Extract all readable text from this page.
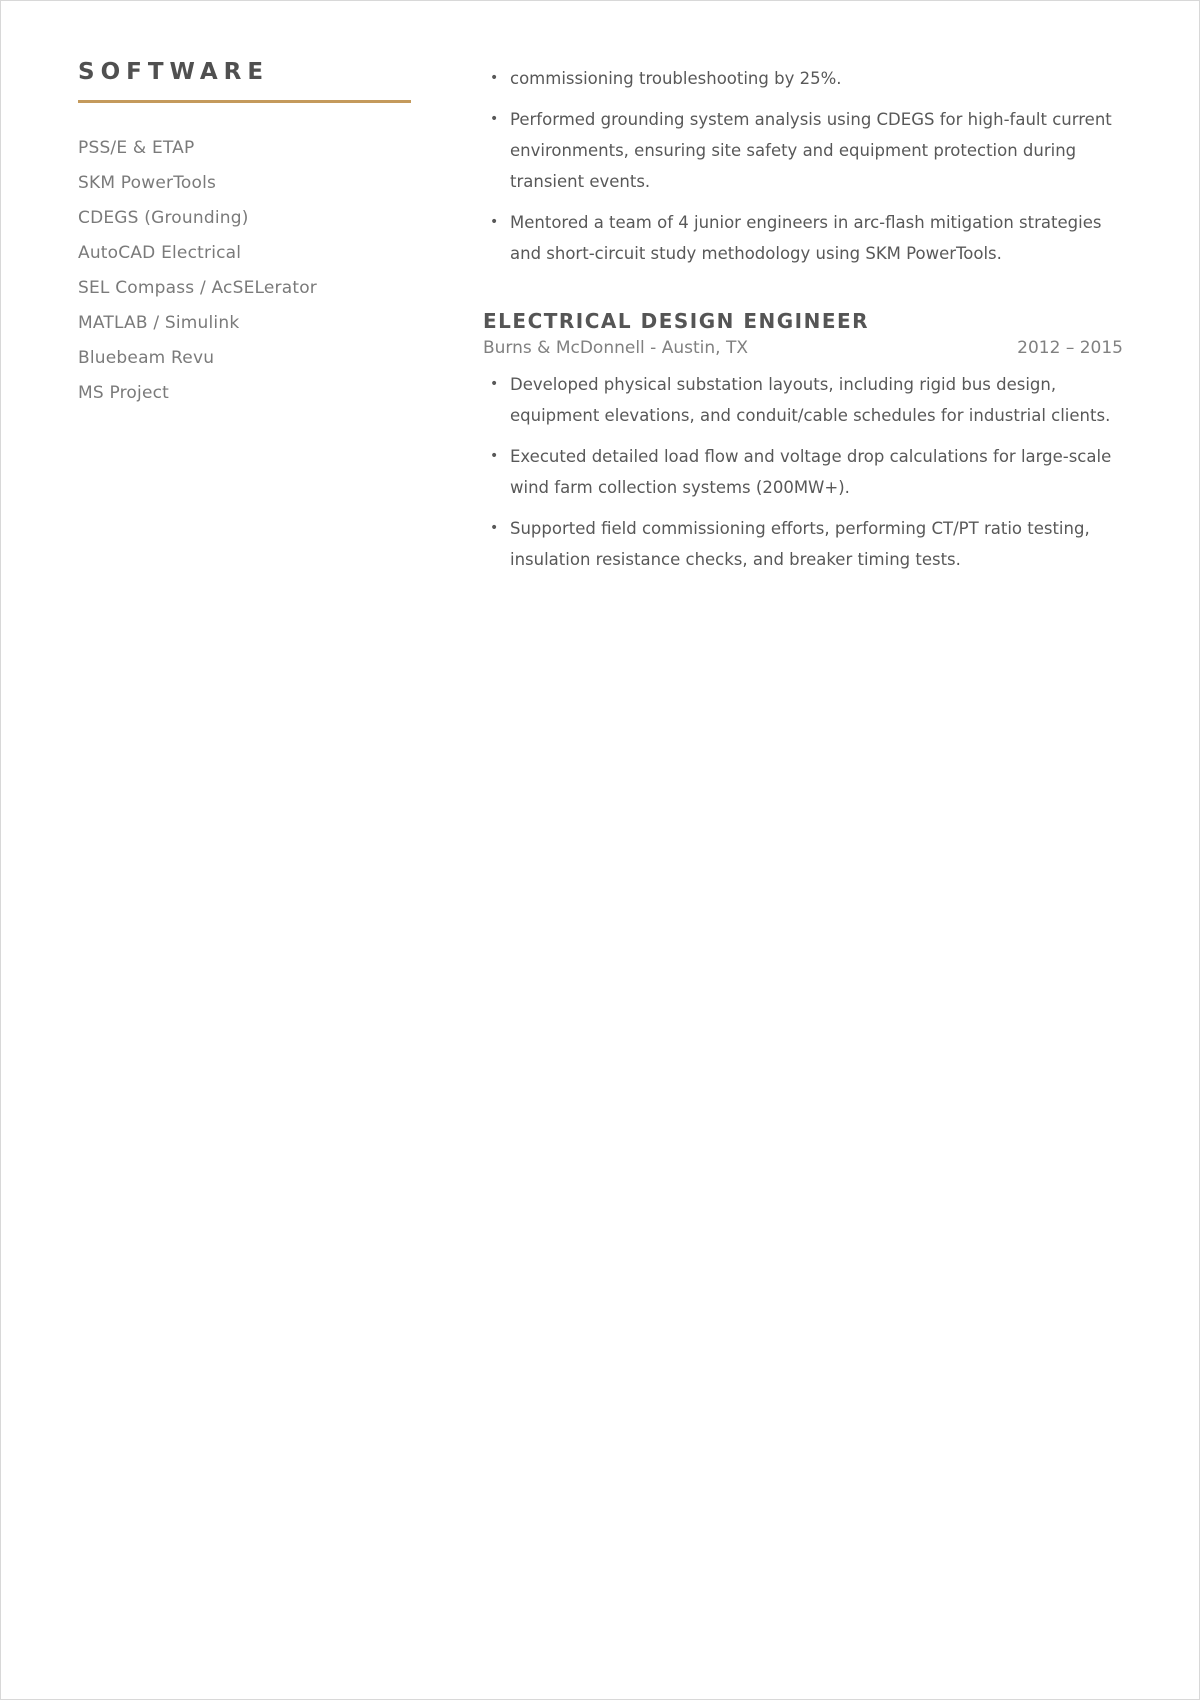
SOFTWARE
PSS/E & ETAP
SKM PowerTools
CDEGS (Grounding)
AutoCAD Electrical
SEL Compass / AcSELerator
MATLAB / Simulink
Bluebeam Revu
MS Project
• commissioning troubleshooting by 25%.
• Performed grounding system analysis using CDEGS for high-fault current environments, ensuring site safety and equipment protection during transient events.
• Mentored a team of 4 junior engineers in arc-flash mitigation strategies and short-circuit study methodology using SKM PowerTools.
ELECTRICAL DESIGN ENGINEER
Burns & McDonnell - Austin, TX	2012 – 2015
• Developed physical substation layouts, including rigid bus design, equipment elevations, and conduit/cable schedules for industrial clients.
• Executed detailed load flow and voltage drop calculations for large-scale wind farm collection systems (200MW+).
• Supported field commissioning efforts, performing CT/PT ratio testing, insulation resistance checks, and breaker timing tests.
